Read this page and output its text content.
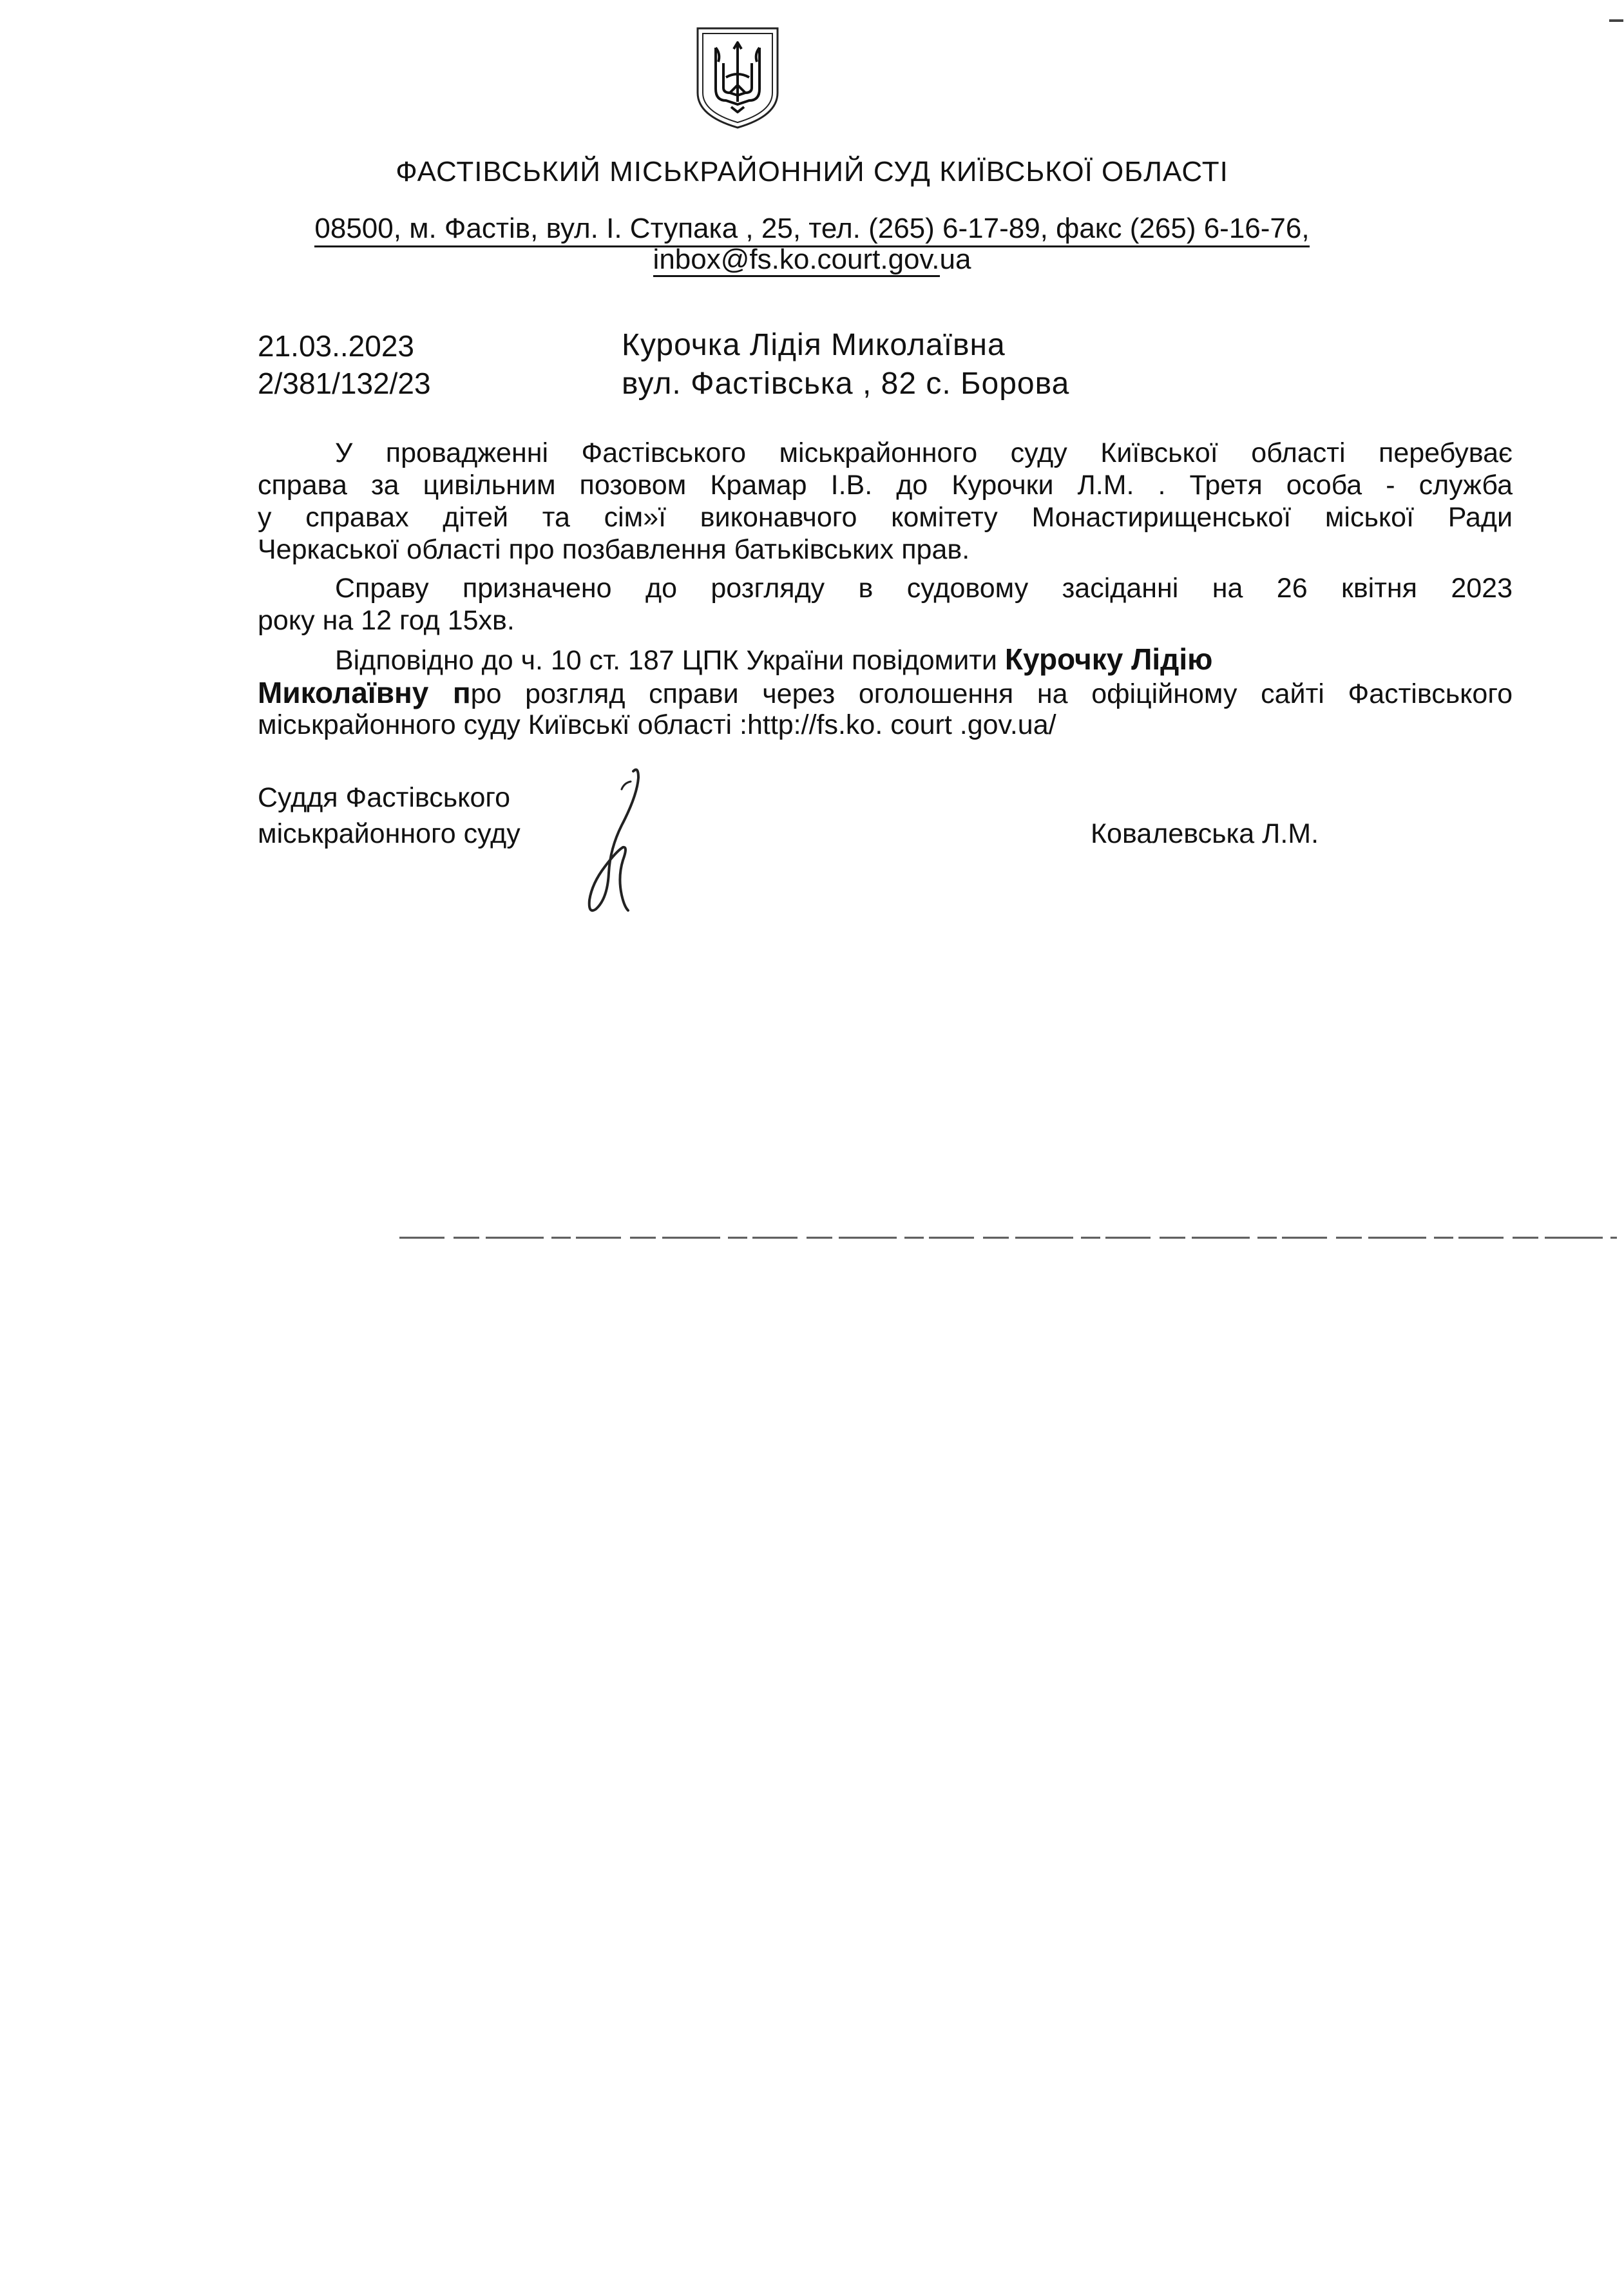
ФАСТІВСЬКИЙ МІСЬКРАЙОННИЙ СУД КИЇВСЬКОЇ ОБЛАСТІ
08500, м. Фастів, вул. І. Ступака , 25, тел. (265) 6-17-89, факс (265) 6-16-76,
inbox@fs.ko.court.gov.ua
21.03..2023
2/381/132/23
Курочка Лідія Миколаївна
вул. Фастівська , 82 с. Борова
У провадженні Фастівського міськрайонного суду Київської області перебуває
справа за цивільним позовом Крамар І.В. до Курочки Л.М. . Третя особа - служба
у справах дітей та сім»ї виконавчого комітету Монастирищенської міської Ради
Черкаської області про позбавлення батьківських прав.
Справу призначено до розгляду в судовому засіданні на 26 квітня 2023
року на 12 год 15хв.
Відповідно до ч. 10 ст. 187 ЦПК України повідомити Курочку Лідію
Миколаївну про розгляд справи через оголошення на офіційному сайті Фастівського
міськрайонного суду Київськї області :http://fs.ko. court .gov.ua/
Суддя Фастівського
міськрайонного суду	Ковалевська Л.М.
